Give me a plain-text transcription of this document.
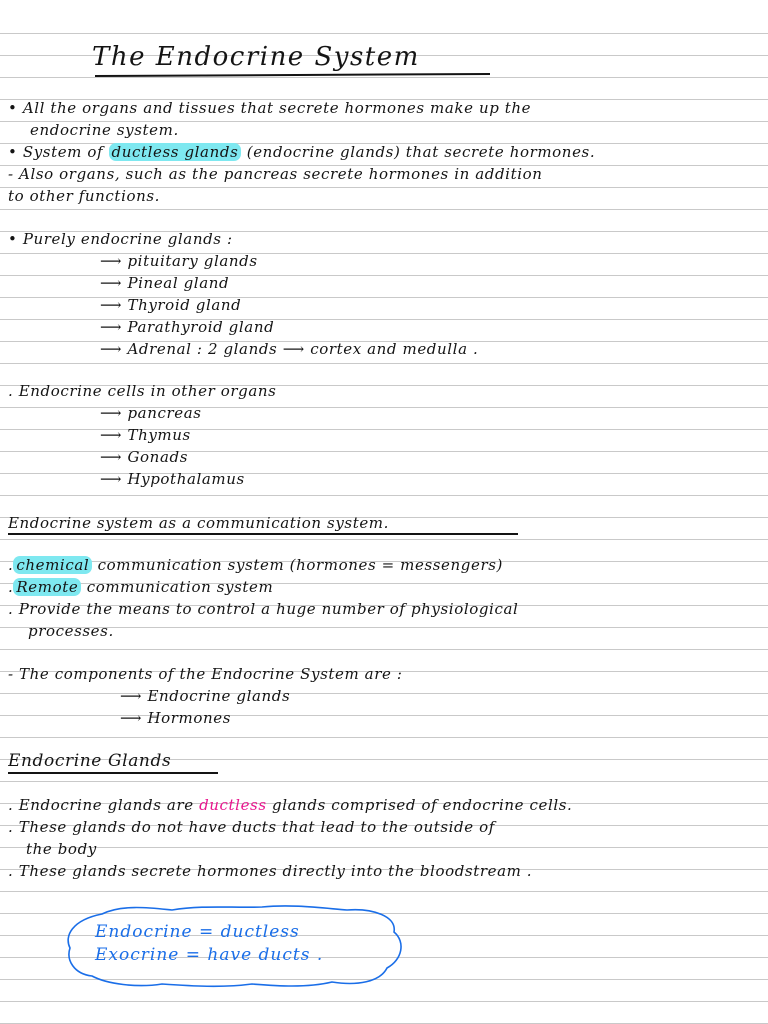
The Endocrine System
• All the organs and tissues that secrete hormones make up the
endocrine system.
• System of ductless glands (endocrine glands) that secrete hormones.
- Also organs, such as the pancreas secrete hormones in addition
to other functions.
• Purely endocrine glands :
⟶ pituitary glands
⟶ Pineal gland
⟶ Thyroid gland
⟶ Parathyroid gland
⟶ Adrenal : 2 glands ⟶ cortex and medulla .
. Endocrine cells in other organs
⟶ pancreas
⟶ Thymus
⟶ Gonads
⟶ Hypothalamus
Endocrine system as a communication system.
. chemical communication system (hormones = messengers)
. Remote communication system
. Provide the means to control a huge number of physiological
processes.
- The components of the Endocrine System are :
⟶ Endocrine glands
⟶ Hormones
Endocrine Glands
. Endocrine glands are ductless glands comprised of endocrine cells.
. These glands do not have ducts that lead to the outside of
the body
. These glands secrete hormones directly into the bloodstream .
Endocrine = ductless
Exocrine = have ducts .
